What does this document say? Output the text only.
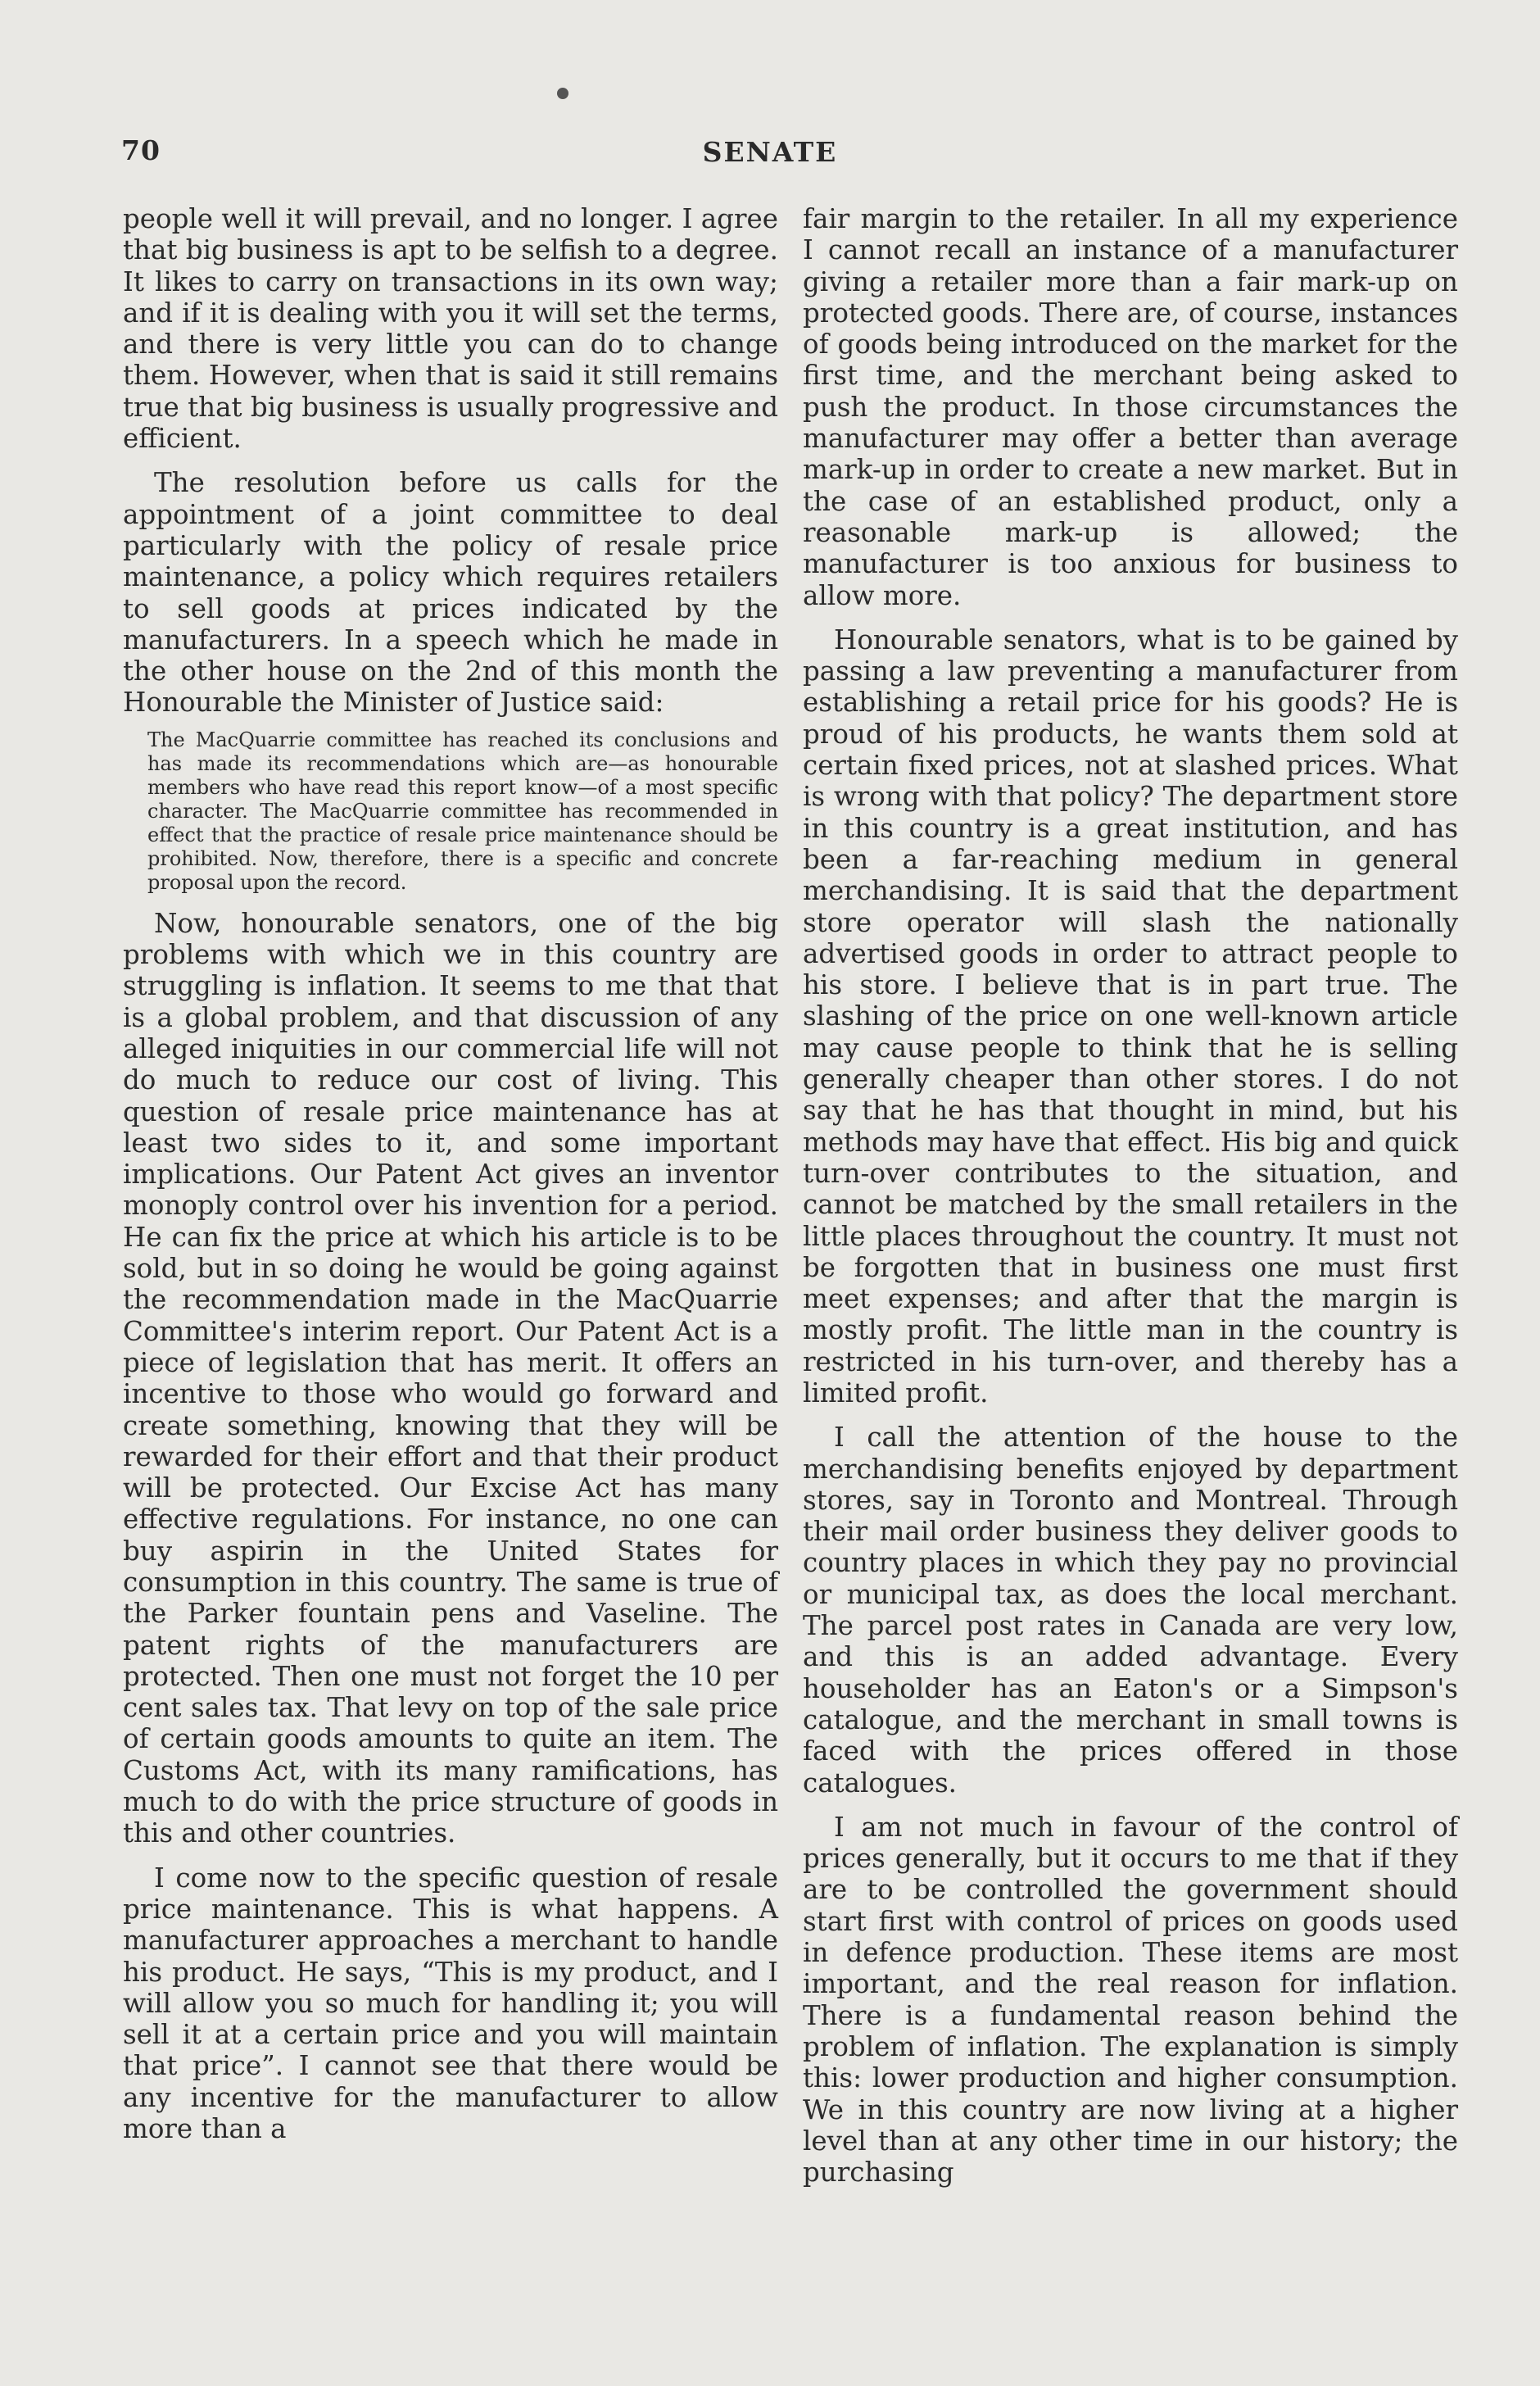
70	SENATE

people well it will prevail, and no longer. I agree that big business is apt to be selfish to a degree. It likes to carry on transactions in its own way; and if it is dealing with you it will set the terms, and there is very little you can do to change them. However, when that is said it still remains true that big business is usually progressive and efficient.

The resolution before us calls for the appointment of a joint committee to deal particularly with the policy of resale price maintenance, a policy which requires retailers to sell goods at prices indicated by the manufacturers. In a speech which he made in the other house on the 2nd of this month the Honourable the Minister of Justice said:

The MacQuarrie committee has reached its conclusions and has made its recommendations which are—as honourable members who have read this report know—of a most specific character. The MacQuarrie committee has recommended in effect that the practice of resale price maintenance should be prohibited. Now, therefore, there is a specific and concrete proposal upon the record.

Now, honourable senators, one of the big problems with which we in this country are struggling is inflation. It seems to me that that is a global problem, and that discussion of any alleged iniquities in our commercial life will not do much to reduce our cost of living. This question of resale price maintenance has at least two sides to it, and some important implications. Our Patent Act gives an inventor monoply control over his invention for a period. He can fix the price at which his article is to be sold, but in so doing he would be going against the recommendation made in the MacQuarrie Committee's interim report. Our Patent Act is a piece of legislation that has merit. It offers an incentive to those who would go forward and create something, knowing that they will be rewarded for their effort and that their product will be protected. Our Excise Act has many effective regulations. For instance, no one can buy aspirin in the United States for consumption in this country. The same is true of the Parker fountain pens and Vaseline. The patent rights of the manufacturers are protected. Then one must not forget the 10 per cent sales tax. That levy on top of the sale price of certain goods amounts to quite an item. The Customs Act, with its many ramifications, has much to do with the price structure of goods in this and other countries.

I come now to the specific question of resale price maintenance. This is what happens. A manufacturer approaches a merchant to handle his product. He says, “This is my product, and I will allow you so much for handling it; you will sell it at a certain price and you will maintain that price”. I cannot see that there would be any incentive for the manufacturer to allow more than a

fair margin to the retailer. In all my experience I cannot recall an instance of a manufacturer giving a retailer more than a fair mark-up on protected goods. There are, of course, instances of goods being introduced on the market for the first time, and the merchant being asked to push the product. In those circumstances the manufacturer may offer a better than average mark-up in order to create a new market. But in the case of an established product, only a reasonable mark-up is allowed; the manufacturer is too anxious for business to allow more.

Honourable senators, what is to be gained by passing a law preventing a manufacturer from establishing a retail price for his goods? He is proud of his products, he wants them sold at certain fixed prices, not at slashed prices. What is wrong with that policy? The department store in this country is a great institution, and has been a far-reaching medium in general merchandising. It is said that the department store operator will slash the nationally advertised goods in order to attract people to his store. I believe that is in part true. The slashing of the price on one well-known article may cause people to think that he is selling generally cheaper than other stores. I do not say that he has that thought in mind, but his methods may have that effect. His big and quick turn-over contributes to the situation, and cannot be matched by the small retailers in the little places throughout the country. It must not be forgotten that in business one must first meet expenses; and after that the margin is mostly profit. The little man in the country is restricted in his turn-over, and thereby has a limited profit.

I call the attention of the house to the merchandising benefits enjoyed by department stores, say in Toronto and Montreal. Through their mail order business they deliver goods to country places in which they pay no provincial or municipal tax, as does the local merchant. The parcel post rates in Canada are very low, and this is an added advantage. Every householder has an Eaton's or a Simpson's catalogue, and the merchant in small towns is faced with the prices offered in those catalogues.

I am not much in favour of the control of prices generally, but it occurs to me that if they are to be controlled the government should start first with control of prices on goods used in defence production. These items are most important, and the real reason for inflation. There is a fundamental reason behind the problem of inflation. The explanation is simply this: lower production and higher consumption. We in this country are now living at a higher level than at any other time in our history; the purchasing
